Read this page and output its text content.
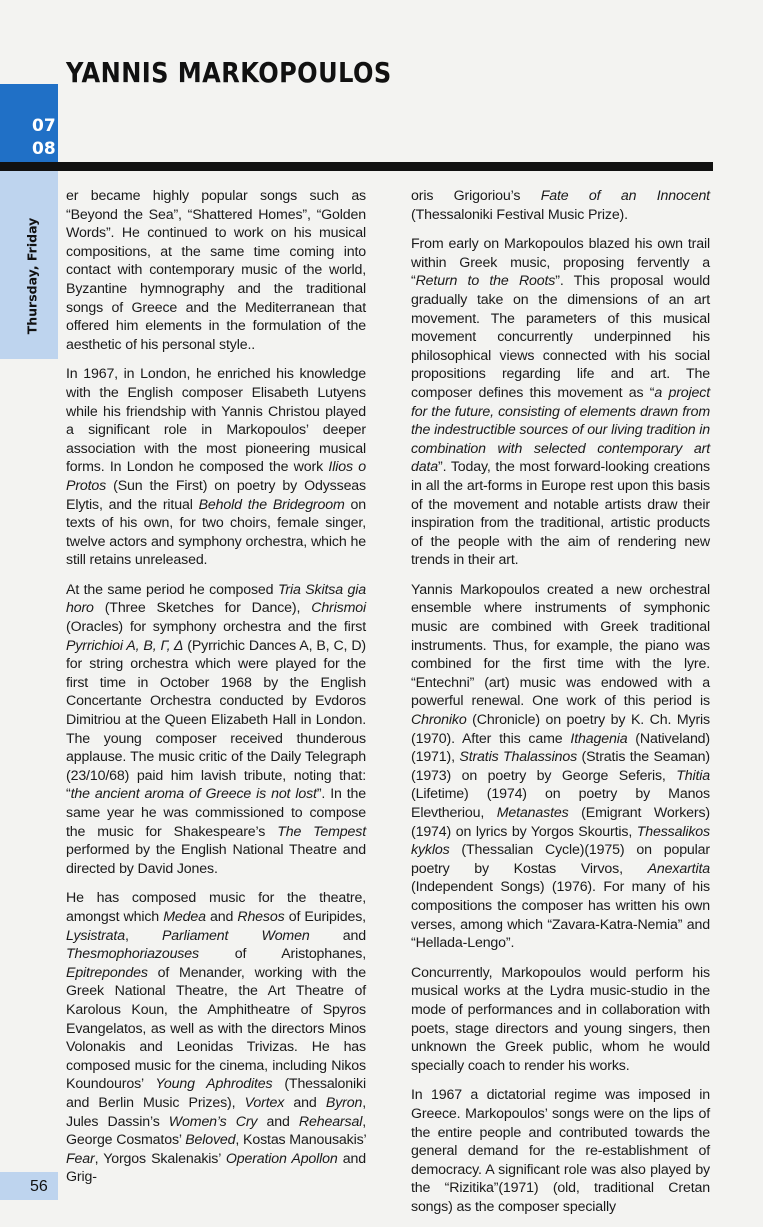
YANNIS MARKOPOULOS
07
08
Thursday, Friday

er became highly popular songs such as “Beyond the Sea”, “Shattered Homes”, “Golden Words”. He continued to work on his musical compositions, at the same time coming into contact with contemporary music of the world, Byzantine hymnography and the traditional songs of Greece and the Mediterranean that offered him elements in the formulation of the aesthetic of his personal style..

In 1967, in London, he enriched his knowledge with the English composer Elisabeth Lutyens while his friendship with Yannis Christou played a significant role in Markopoulos’ deeper association with the most pioneering musical forms. In London he composed the work Ilios o Protos (Sun the First) on poetry by Odysseas Elytis, and the ritual Behold the Bridegroom on texts of his own, for two choirs, female singer, twelve actors and symphony orchestra, which he still retains unreleased.

At the same period he composed Tria Skitsa gia horo (Three Sketches for Dance), Chrismoi (Oracles) for symphony orchestra and the first Pyrrichioi A, B, Γ, Δ (Pyrrichic Dances A, B, C, D) for string orchestra which were played for the first time in October 1968 by the English Concertante Orchestra conducted by Evdoros Dimitriou at the Queen Elizabeth Hall in London. The young composer received thunderous applause. The music critic of the Daily Telegraph (23/10/68) paid him lavish tribute, noting that: “the ancient aroma of Greece is not lost”. In the same year he was commissioned to compose the music for Shakespeare’s The Tempest performed by the English National Theatre and directed by David Jones.

He has composed music for the theatre, amongst which Medea and Rhesos of Euripides, Lysistrata, Parliament Women and Thesmophoriazouses of Aristophanes, Epitrepondes of Menander, working with the Greek National Theatre, the Art Theatre of Karolous Koun, the Amphitheatre of Spyros Evangelatos, as well as with the directors Minos Volonakis and Leonidas Trivizas. He has composed music for the cinema, including Nikos Koundouros’ Young Aphrodites (Thessaloniki and Berlin Music Prizes), Vortex and Byron, Jules Dassin’s Women’s Cry and Rehearsal, George Cosmatos’ Beloved, Kostas Manousakis’ Fear, Yorgos Skalenakis’ Operation Apollon and Grig-

oris Grigoriou’s Fate of an Innocent (Thessaloniki Festival Music Prize).

From early on Markopoulos blazed his own trail within Greek music, proposing fervently a “Return to the Roots”. This proposal would gradually take on the dimensions of an art movement. The parameters of this musical movement concurrently underpinned his philosophical views connected with his social propositions regarding life and art. The composer defines this movement as “a project for the future, consisting of elements drawn from the indestructible sources of our living tradition in combination with selected contemporary art data”. Today, the most forward-looking creations in all the art-forms in Europe rest upon this basis of the movement and notable artists draw their inspiration from the traditional, artistic products of the people with the aim of rendering new trends in their art.

Yannis Markopoulos created a new orchestral ensemble where instruments of symphonic music are combined with Greek traditional instruments. Thus, for example, the piano was combined for the first time with the lyre. “Entechni” (art) music was endowed with a powerful renewal. One work of this period is Chroniko (Chronicle) on poetry by K. Ch. Myris (1970). After this came Ithagenia (Nativeland)(1971), Stratis Thalassinos (Stratis the Seaman) (1973) on poetry by George Seferis, Thitia (Lifetime) (1974) on poetry by Manos Elevtheriou, Metanastes (Emigrant Workers) (1974) on lyrics by Yorgos Skourtis, Thessalikos kyklos (Thessalian Cycle)(1975) on popular poetry by Kostas Virvos, Anexartita (Independent Songs) (1976). For many of his compositions the composer has written his own verses, among which “Zavara-Katra-Nemia” and “Hellada-Lengo”.

Concurrently, Markopoulos would perform his musical works at the Lydra music-studio in the mode of performances and in collaboration with poets, stage directors and young singers, then unknown the Greek public, whom he would specially coach to render his works.

In 1967 a dictatorial regime was imposed in Greece. Markopoulos’ songs were on the lips of the entire people and contributed towards the general demand for the re-establishment of democracy. A significant role was also played by the “Rizitika”(1971) (old, traditional Cretan songs) as the composer specially

56
